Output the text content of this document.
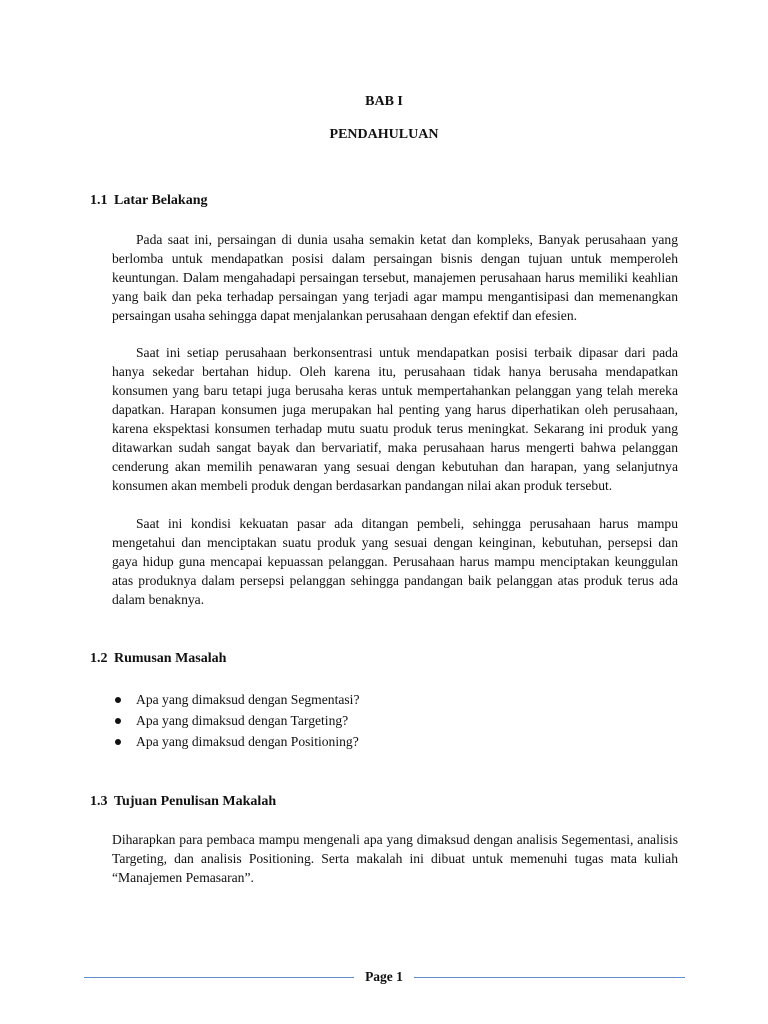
BAB I
PENDAHULUAN
1.1 Latar Belakang

Pada saat ini, persaingan di dunia usaha semakin ketat dan kompleks, Banyak perusahaan yang berlomba untuk mendapatkan posisi dalam persaingan bisnis dengan tujuan untuk memperoleh keuntungan. Dalam mengahadapi persaingan tersebut, manajemen perusahaan harus memiliki keahlian yang baik dan peka terhadap persaingan yang terjadi agar mampu mengantisipasi dan memenangkan persaingan usaha sehingga dapat menjalankan perusahaan dengan efektif dan efesien.

Saat ini setiap perusahaan berkonsentrasi untuk mendapatkan posisi terbaik dipasar dari pada hanya sekedar bertahan hidup. Oleh karena itu, perusahaan tidak hanya berusaha mendapatkan konsumen yang baru tetapi juga berusaha keras untuk mempertahankan pelanggan yang telah mereka dapatkan. Harapan konsumen juga merupakan hal penting yang harus diperhatikan oleh perusahaan, karena ekspektasi konsumen terhadap mutu suatu produk terus meningkat. Sekarang ini produk yang ditawarkan sudah sangat bayak dan bervariatif, maka perusahaan harus mengerti bahwa pelanggan cenderung akan memilih penawaran yang sesuai dengan kebutuhan dan harapan, yang selanjutnya konsumen akan membeli produk dengan berdasarkan pandangan nilai akan produk tersebut.

Saat ini kondisi kekuatan pasar ada ditangan pembeli, sehingga perusahaan harus mampu mengetahui dan menciptakan suatu produk yang sesuai dengan keinginan, kebutuhan, persepsi dan gaya hidup guna mencapai kepuassan pelanggan. Perusahaan harus mampu menciptakan keunggulan atas produknya dalam persepsi pelanggan sehingga pandangan baik pelanggan atas produk terus ada dalam benaknya.

1.2 Rumusan Masalah
Apa yang dimaksud dengan Segmentasi?
Apa yang dimaksud dengan Targeting?
Apa yang dimaksud dengan Positioning?
1.3 Tujuan Penulisan Makalah

Diharapkan para pembaca mampu mengenali apa yang dimaksud dengan analisis Segementasi, analisis Targeting, dan analisis Positioning. Serta makalah ini dibuat untuk memenuhi tugas mata kuliah “Manajemen Pemasaran”.

Page 1
